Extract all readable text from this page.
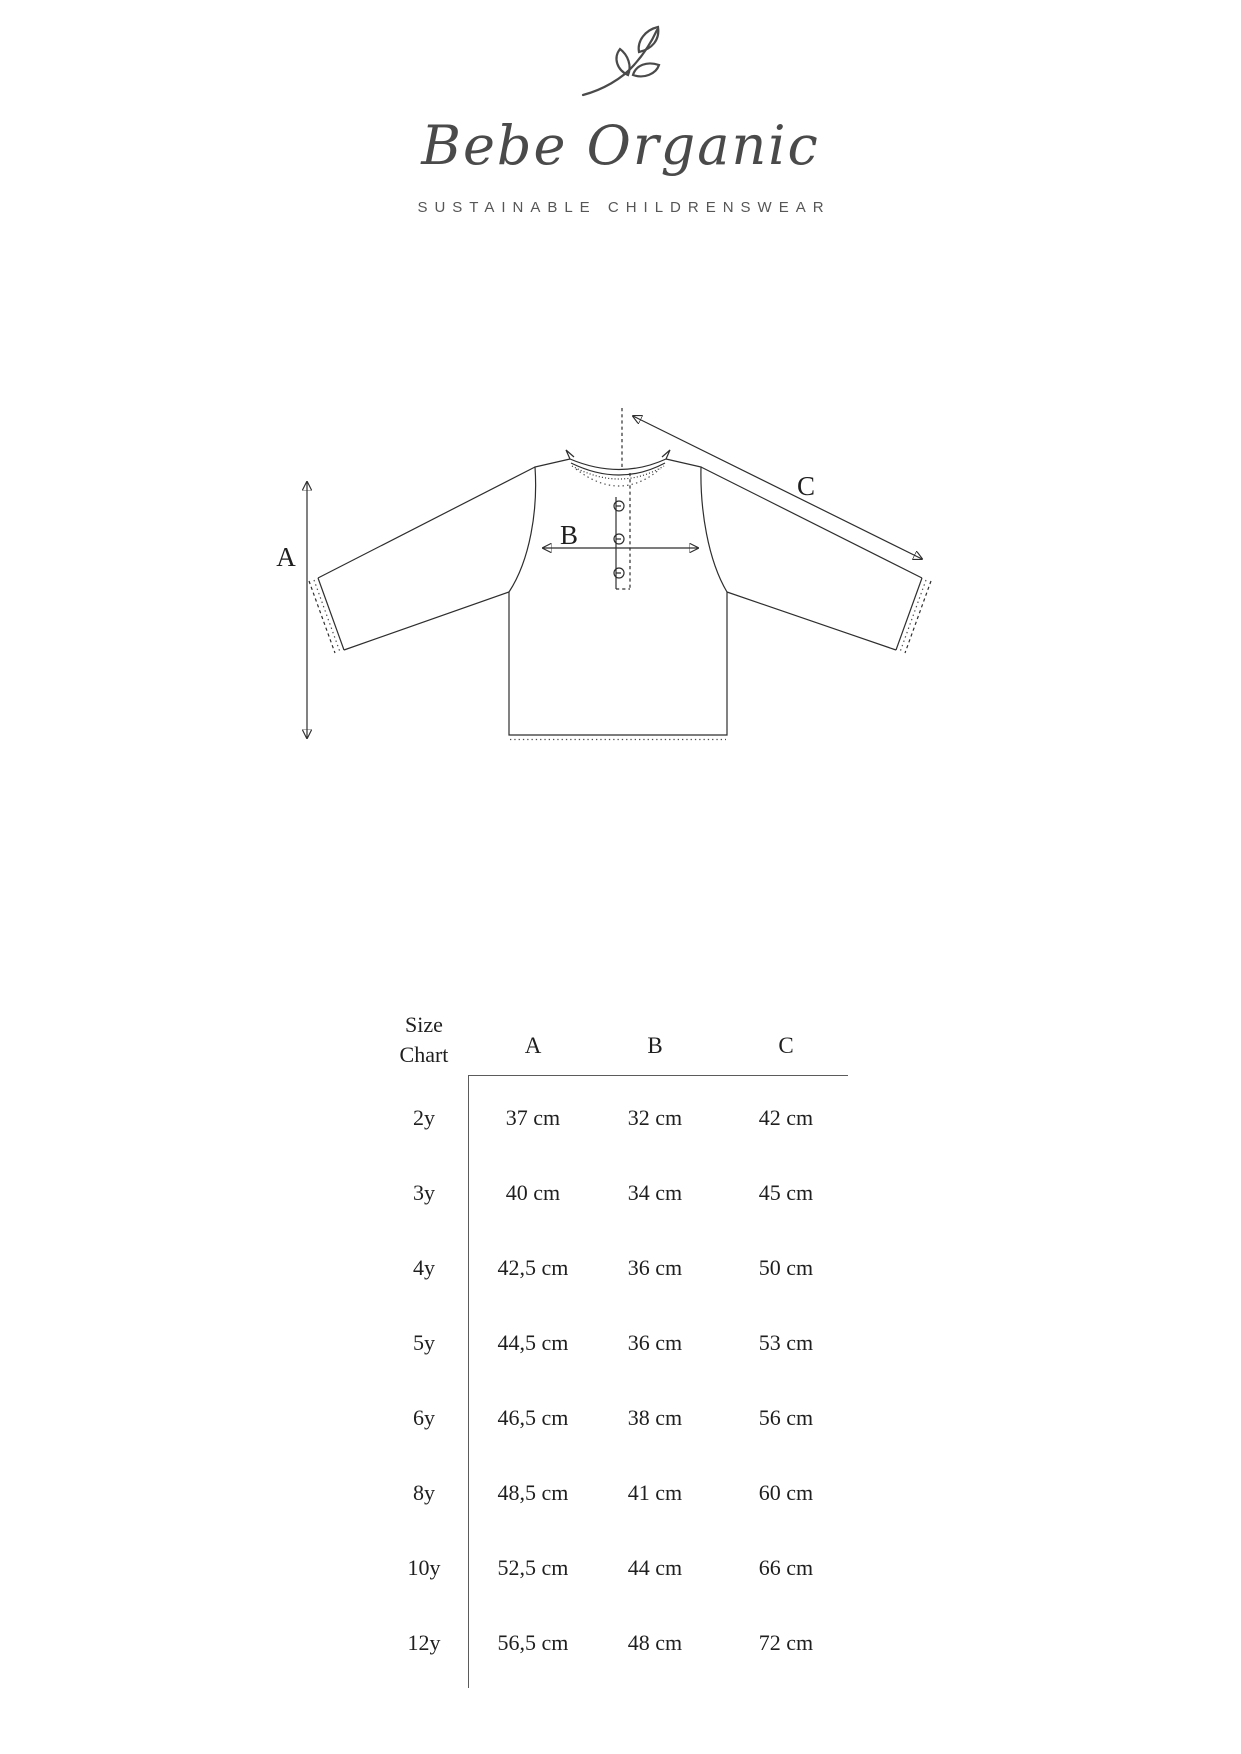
Bebe Organic
SUSTAINABLE CHILDRENSWEAR
A
B
C
Size
Chart	A	B	C
2y	37 cm	32 cm	42 cm
3y	40 cm	34 cm	45 cm
4y	42,5 cm	36 cm	50 cm
5y	44,5 cm	36 cm	53 cm
6y	46,5 cm	38 cm	56 cm
8y	48,5 cm	41 cm	60 cm
10y	52,5 cm	44 cm	66 cm
12y	56,5 cm	48 cm	72 cm
